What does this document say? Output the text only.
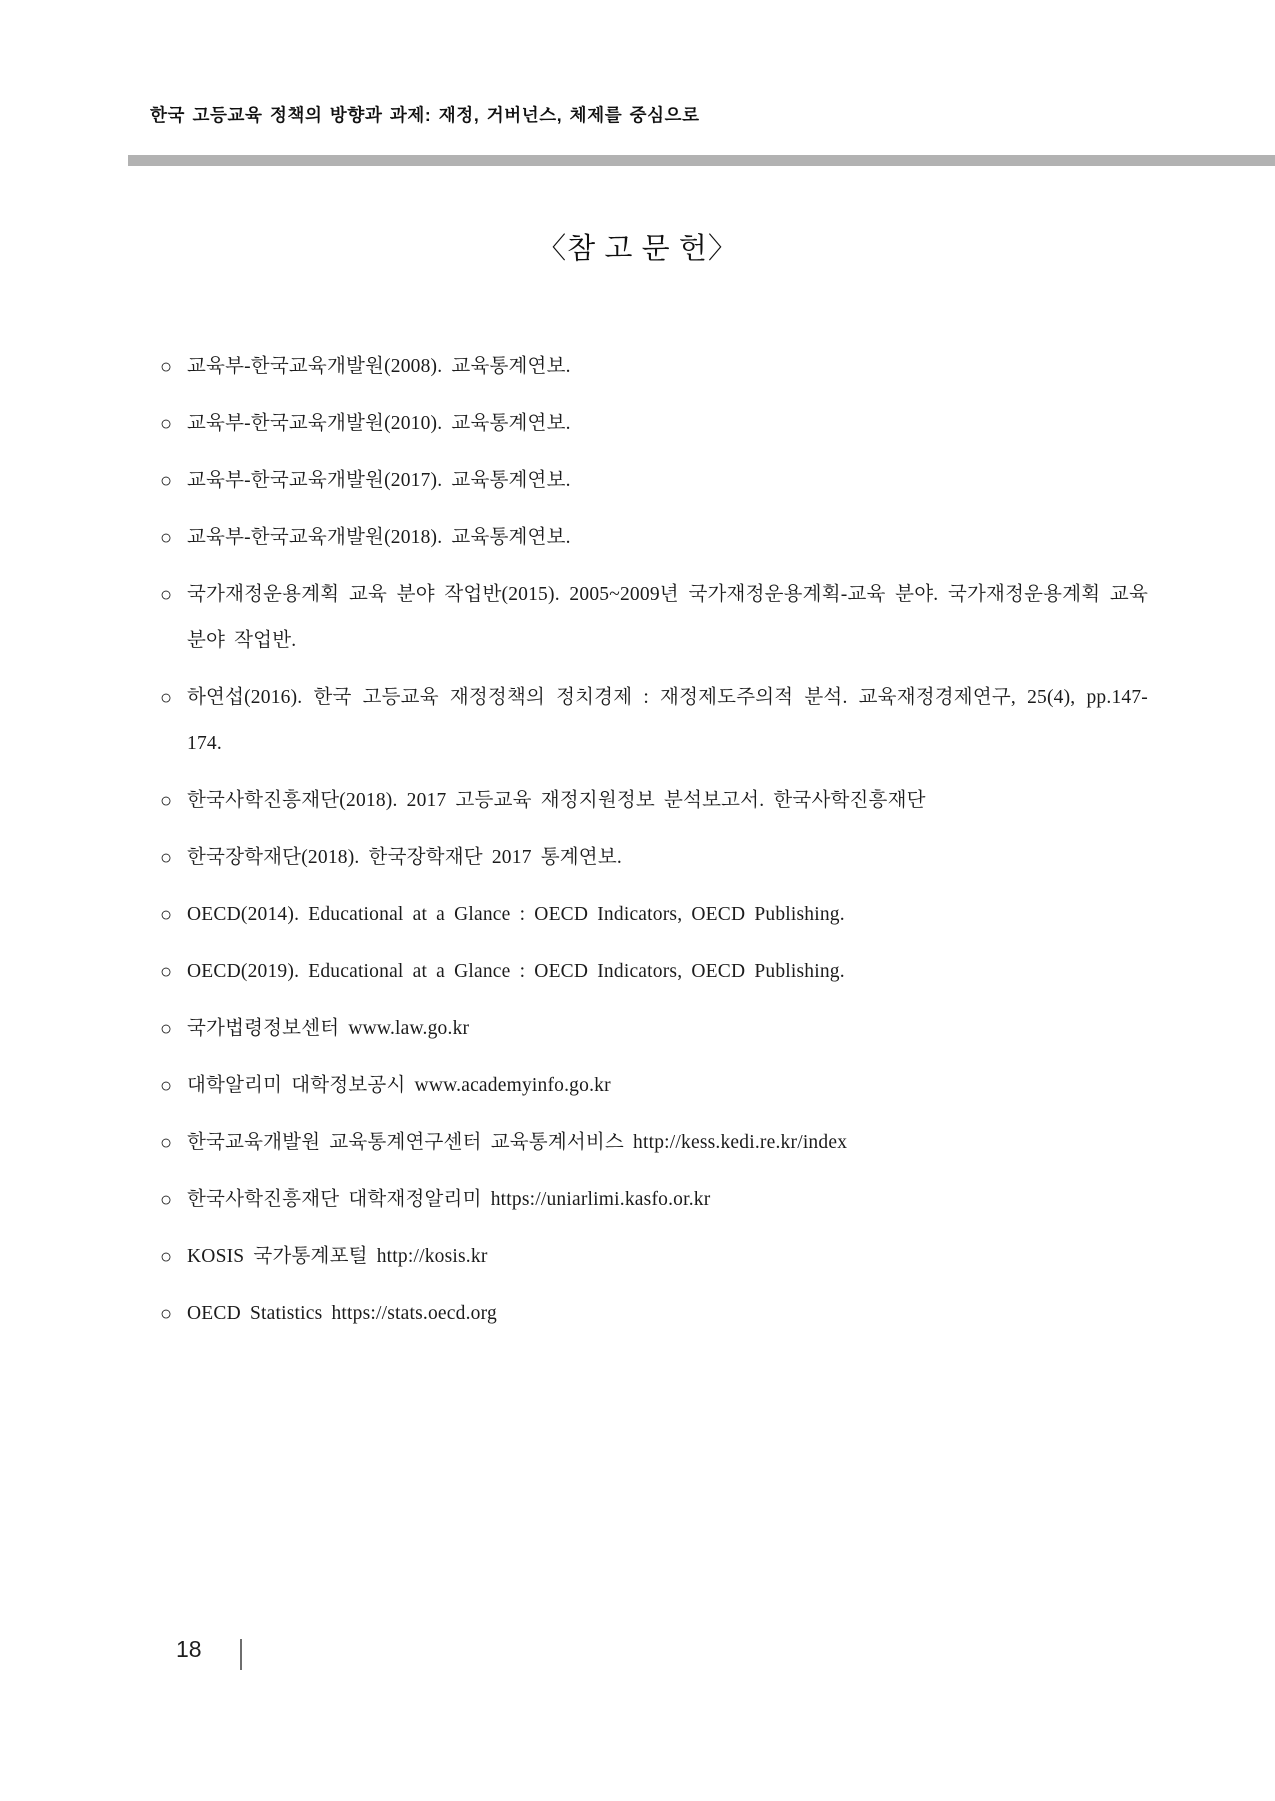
한국 고등교육 정책의 방향과 과제: 재정, 거버넌스, 체제를 중심으로
〈참 고 문 헌〉
○ 교육부-한국교육개발원(2008). 교육통계연보.
○ 교육부-한국교육개발원(2010). 교육통계연보.
○ 교육부-한국교육개발원(2017). 교육통계연보.
○ 교육부-한국교육개발원(2018). 교육통계연보.
○ 국가재정운용계획 교육 분야 작업반(2015). 2005~2009년 국가재정운용계획-교육 분야. 국가재정운용계획 교육 분야 작업반.
○ 하연섭(2016). 한국 고등교육 재정정책의 정치경제 : 재정제도주의적 분석. 교육재정경제연구, 25(4), pp.147-174.
○ 한국사학진흥재단(2018). 2017 고등교육 재정지원정보 분석보고서. 한국사학진흥재단
○ 한국장학재단(2018). 한국장학재단 2017 통계연보.
○ OECD(2014). Educational at a Glance : OECD Indicators, OECD Publishing.
○ OECD(2019). Educational at a Glance : OECD Indicators, OECD Publishing.
○ 국가법령정보센터 www.law.go.kr
○ 대학알리미 대학정보공시 www.academyinfo.go.kr
○ 한국교육개발원 교육통계연구센터 교육통계서비스 http://kess.kedi.re.kr/index
○ 한국사학진흥재단 대학재정알리미 https://uniarlimi.kasfo.or.kr
○ KOSIS 국가통계포털 http://kosis.kr
○ OECD Statistics https://stats.oecd.org
18
